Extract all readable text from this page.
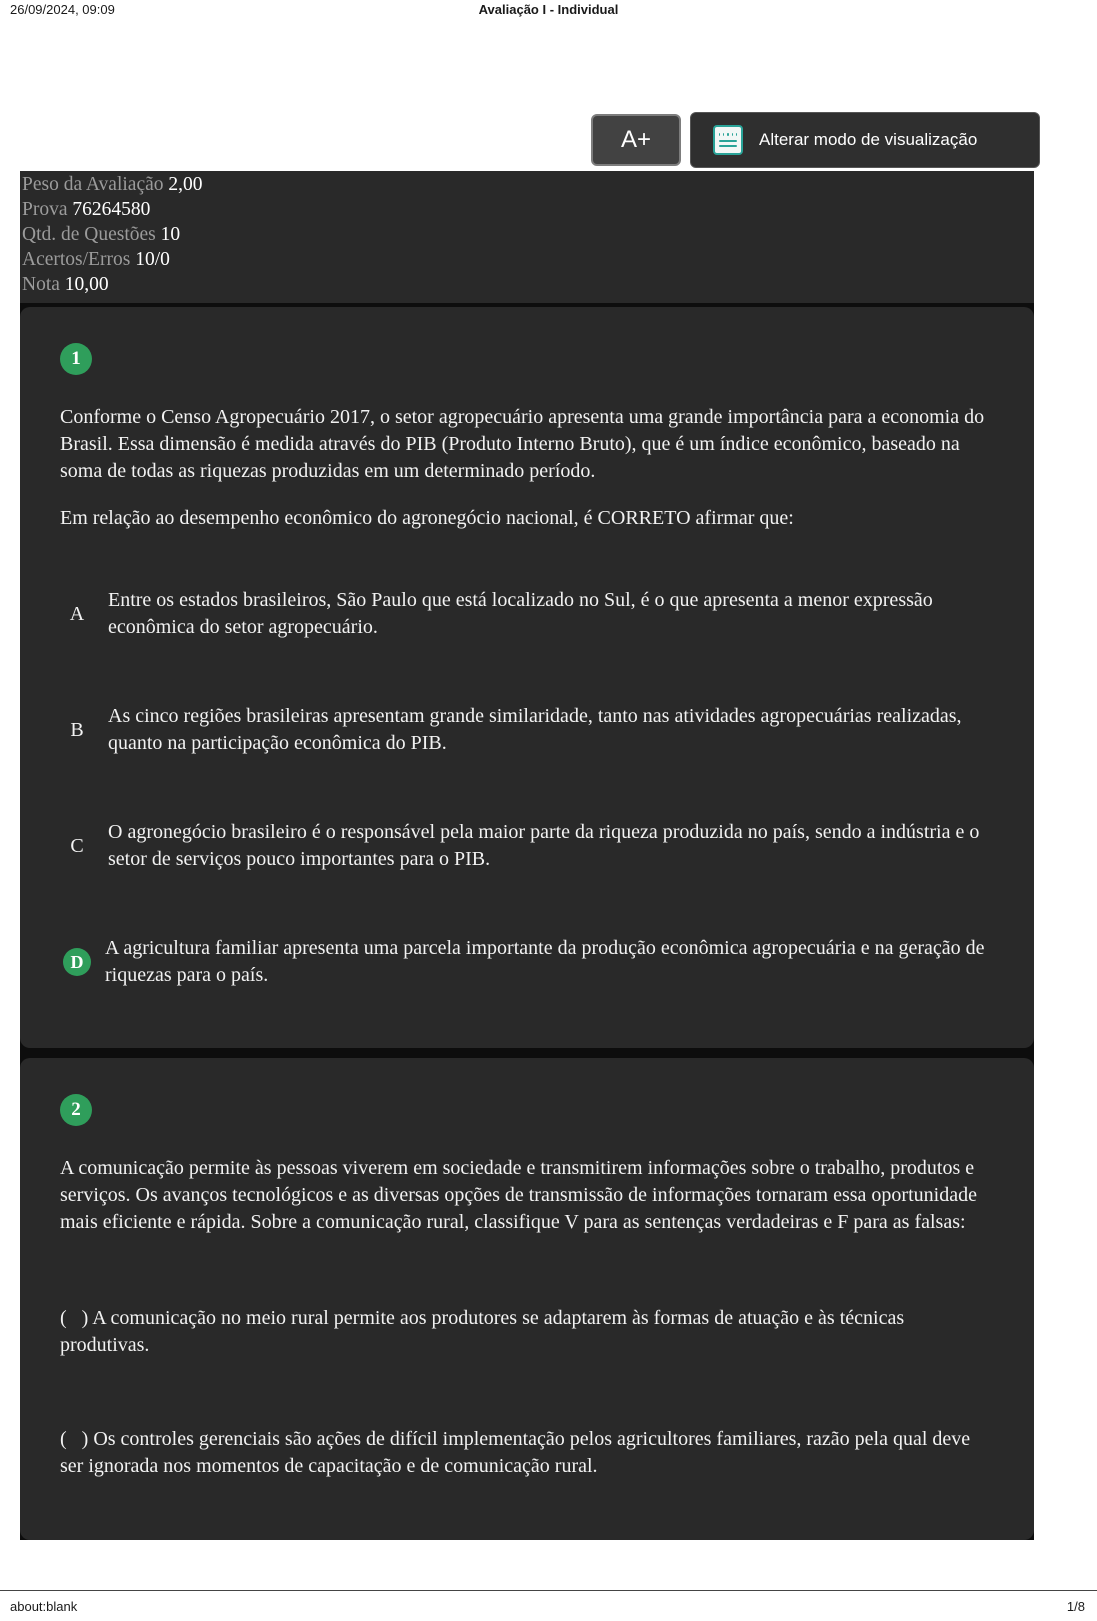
26/09/2024, 09:09	Avaliação I - Individual
A+	Alterar modo de visualização
Peso da Avaliação 2,00
Prova 76264580
Qtd. de Questões 10
Acertos/Erros 10/0
Nota 10,00
1
Conforme o Censo Agropecuário 2017, o setor agropecuário apresenta uma grande importância para a economia do Brasil. Essa dimensão é medida através do PIB (Produto Interno Bruto), que é um índice econômico, baseado na soma de todas as riquezas produzidas em um determinado período.
Em relação ao desempenho econômico do agronegócio nacional, é CORRETO afirmar que:
A
Entre os estados brasileiros, São Paulo que está localizado no Sul, é o que apresenta a menor expressão econômica do setor agropecuário.
B
As cinco regiões brasileiras apresentam grande similaridade, tanto nas atividades agropecuárias realizadas, quanto na participação econômica do PIB.
C
O agronegócio brasileiro é o responsável pela maior parte da riqueza produzida no país, sendo a indústria e o setor de serviços pouco importantes para o PIB.
D
A agricultura familiar apresenta uma parcela importante da produção econômica agropecuária e na geração de riquezas para o país.
2
A comunicação permite às pessoas viverem em sociedade e transmitirem informações sobre o trabalho, produtos e serviços. Os avanços tecnológicos e as diversas opções de transmissão de informações tornaram essa oportunidade mais eficiente e rápida. Sobre a comunicação rural, classifique V para as sentenças verdadeiras e F para as falsas:
(   ) A comunicação no meio rural permite aos produtores se adaptarem às formas de atuação e às técnicas produtivas.
(   ) Os controles gerenciais são ações de difícil implementação pelos agricultores familiares, razão pela qual deve ser ignorada nos momentos de capacitação e de comunicação rural.
about:blank	1/8
